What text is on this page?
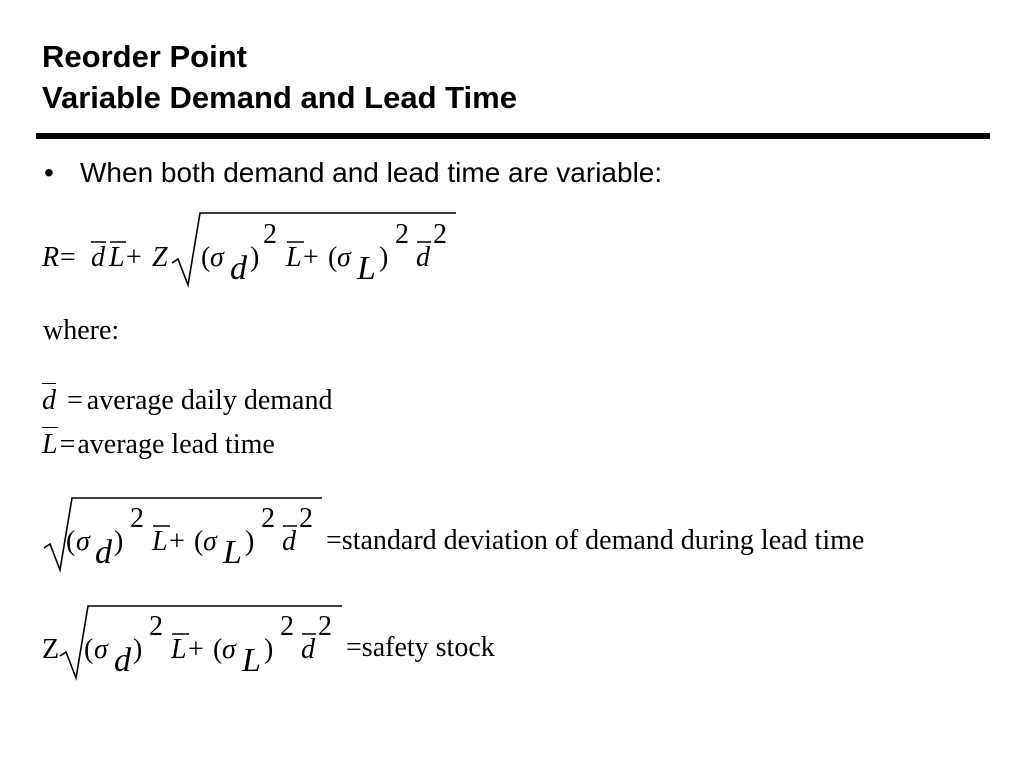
Reorder Point
Variable Demand and Lead Time
• When both demand and lead time are variable:
R = d L + Z ( σ d )
2
L + ( σ L )
2
d
2
where:
d = average daily demand
L=average lead time
( σ d )
2
L + ( σ L )
2
d
2
=standard deviation of demand during lead time
Z ( σ d )
2
L + ( σ L )
2
d
2
=safety stock
